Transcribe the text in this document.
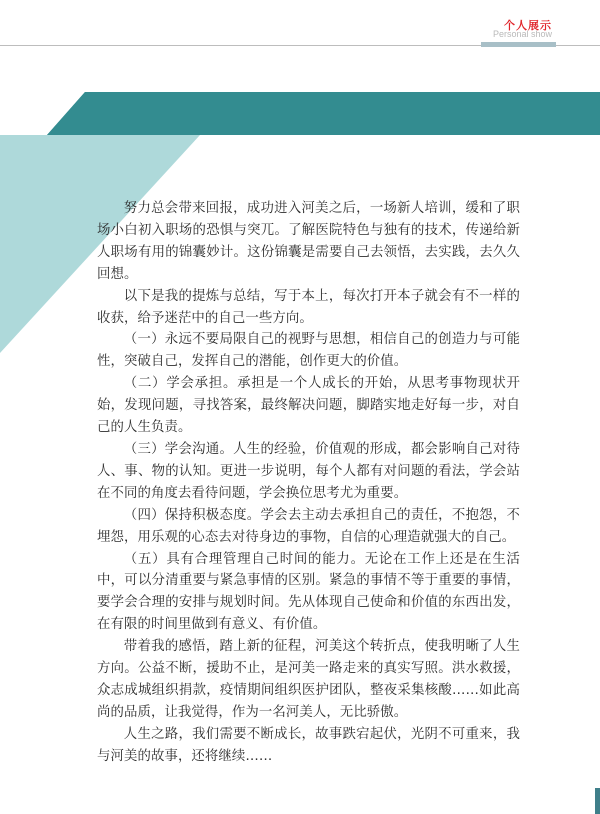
个人展示
Personal show

努力总会带来回报，成功进入河美之后，一场新人培训，缓和了职场小白初入职场的恐惧与突兀。了解医院特色与独有的技术，传递给新人职场有用的锦囊妙计。这份锦囊是需要自己去领悟，去实践，去久久回想。

以下是我的提炼与总结，写于本上，每次打开本子就会有不一样的收获，给予迷茫中的自己一些方向。

（一）永远不要局限自己的视野与思想，相信自己的创造力与可能性，突破自己，发挥自己的潜能，创作更大的价值。

（二）学会承担。承担是一个人成长的开始，从思考事物现状开始，发现问题，寻找答案，最终解决问题，脚踏实地走好每一步，对自己的人生负责。

（三）学会沟通。人生的经验，价值观的形成，都会影响自己对待人、事、物的认知。更进一步说明，每个人都有对问题的看法，学会站在不同的角度去看待问题，学会换位思考尤为重要。

（四）保持积极态度。学会去主动去承担自己的责任，不抱怨，不埋怨，用乐观的心态去对待身边的事物，自信的心理造就强大的自己。

（五）具有合理管理自己时间的能力。无论在工作上还是在生活中，可以分清重要与紧急事情的区别。紧急的事情不等于重要的事情，要学会合理的安排与规划时间。先从体现自己使命和价值的东西出发，在有限的时间里做到有意义、有价值。

带着我的感悟，踏上新的征程，河美这个转折点，使我明晰了人生方向。公益不断，援助不止，是河美一路走来的真实写照。洪水救援，众志成城组织捐款，疫情期间组织医护团队，整夜采集核酸……如此高尚的品质，让我觉得，作为一名河美人，无比骄傲。

人生之路，我们需要不断成长，故事跌宕起伏，光阴不可重来，我与河美的故事，还将继续……
